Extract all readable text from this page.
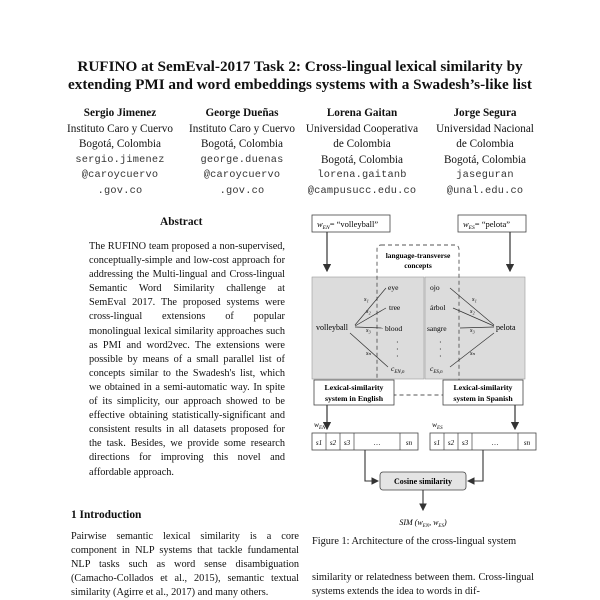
RUFINO at SemEval-2017 Task 2: Cross-lingual lexical similarity by
extending PMI and word embeddings systems with a Swadesh’s-like list
Sergio Jimenez
Instituto Caro y Cuervo
Bogotá, Colombia
sergio.jimenez
@caroycuervo
.gov.co
George Dueñas
Instituto Caro y Cuervo
Bogotá, Colombia
george.duenas
@caroycuervo
.gov.co
Lorena Gaitan
Universidad Cooperativa
de Colombia
Bogotá, Colombia
lorena.gaitanb
@campusucc.edu.co
Jorge Segura
Universidad Nacional
de Colombia
Bogotá, Colombia
jaseguran
@unal.edu.co
Abstract
The RUFINO team proposed a non-supervised, conceptually-simple and low-cost approach for addressing the Multi-lingual and Cross-lingual Semantic Word Similarity challenge at SemEval 2017. The proposed systems were cross-lingual extensions of popular monolingual lexical similarity approaches such as PMI and word2vec. The extensions were possible by means of a small parallel list of concepts similar to the Swadesh's list, which we obtained in a semi-automatic way. In spite of its simplicity, our approach showed to be effective obtaining statistically-significant and consistent results in all datasets proposed for the task. Besides, we provide some research directions for improving this novel and affordable approach.
1 Introduction
Pairwise semantic lexical similarity is a core component in NLP systems that tackle fundamental NLP tasks such as word sense disambiguation (Camacho-Collados et al., 2015), semantic textual similarity (Agirre et al., 2017) and many others.
$w_{EN}=$ “volleyball”	$w_{ES}=$ “pelota”
language-transverse
concepts
volleyball
eye
tree
blood
$c_{EN,n}$
·
·
·
s₁
s₂
s₃
sₙ
pelota
ojo
árbol
sangre
$c_{ES,n}$
·
·
·
s₁
s₂
s₃
sₙ
Lexical-similarity
system in English
Lexical-similarity
system in Spanish
$w_{EN}$	$w_{ES}$
s1 s2 s3	…	sn	s1 s2 s3	…	sn
Cosine similarity
SIM ($w_{EN}$, $w_{ES}$)
Figure 1: Architecture of the cross-lingual system
similarity or relatedness between them. Cross-lingual systems extends the idea to words in dif-
